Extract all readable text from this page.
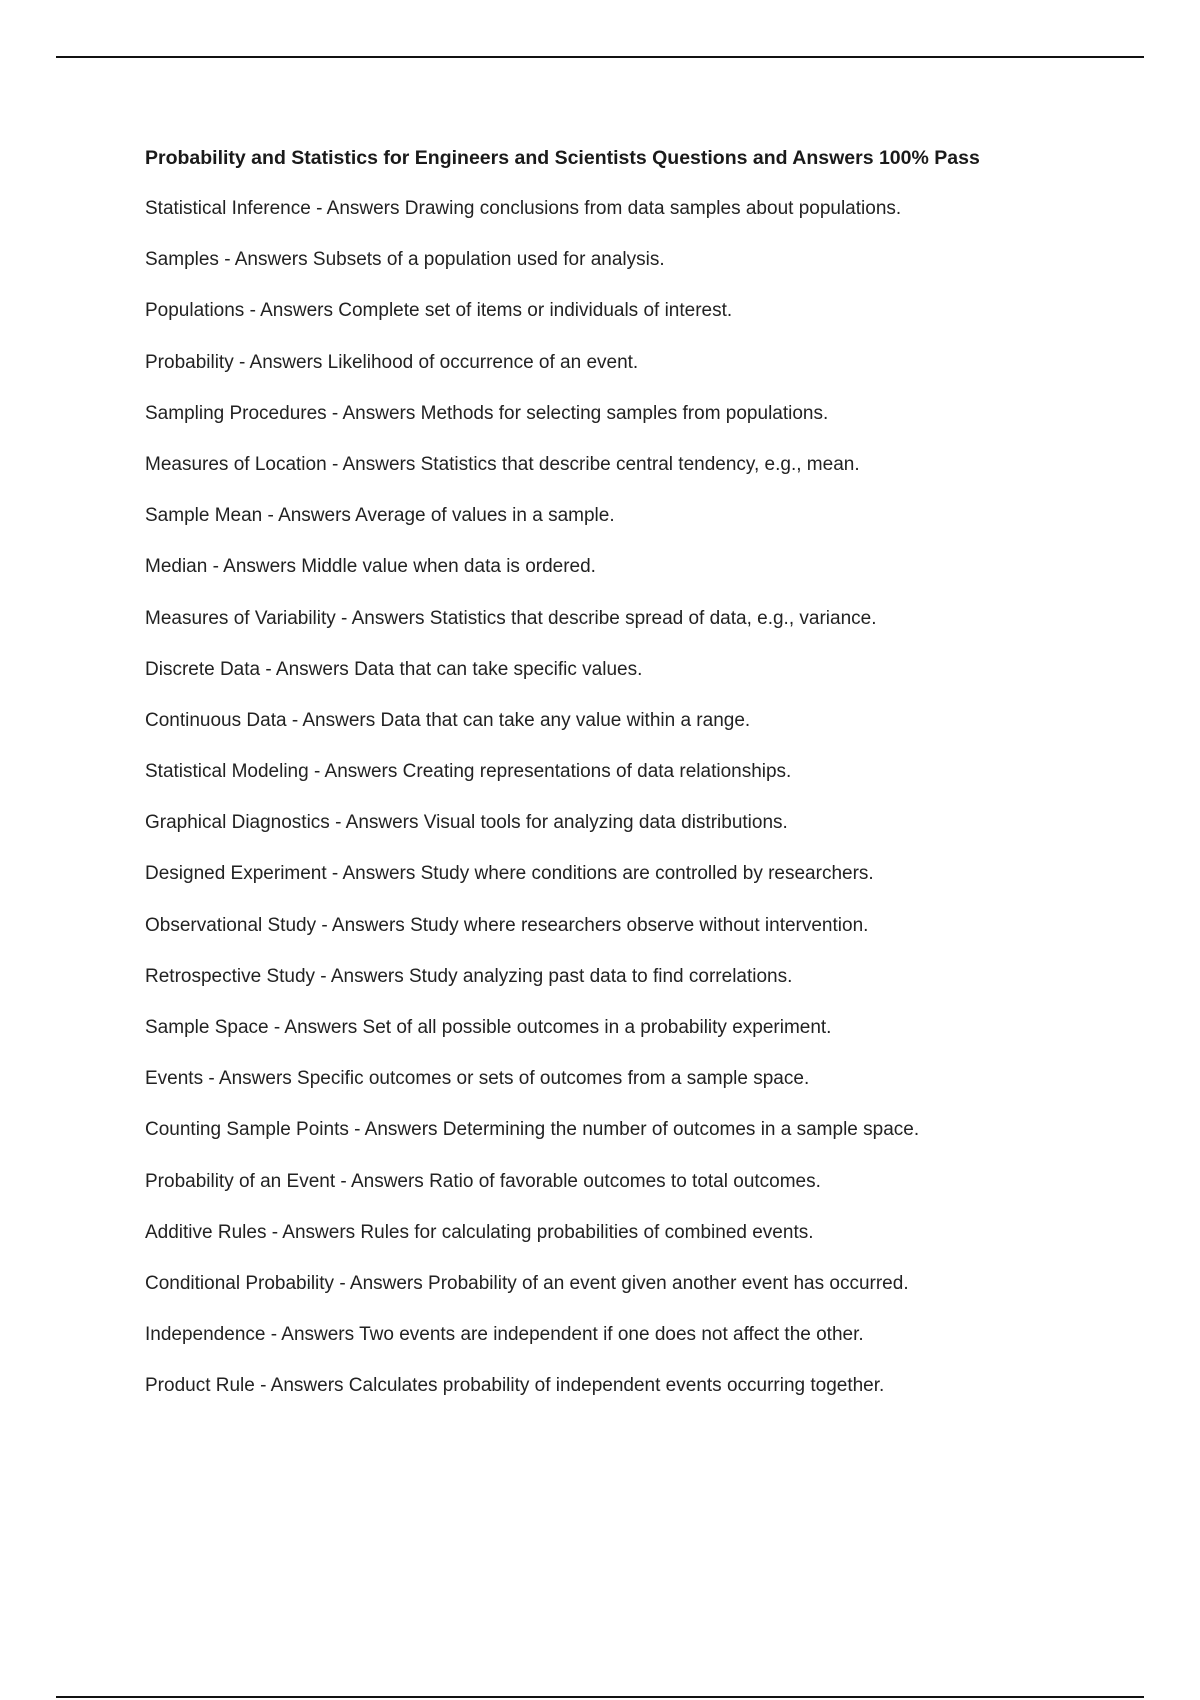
Probability and Statistics for Engineers and Scientists Questions and Answers 100% Pass
Statistical Inference - Answers Drawing conclusions from data samples about populations.
Samples - Answers Subsets of a population used for analysis.
Populations - Answers Complete set of items or individuals of interest.
Probability - Answers Likelihood of occurrence of an event.
Sampling Procedures - Answers Methods for selecting samples from populations.
Measures of Location - Answers Statistics that describe central tendency, e.g., mean.
Sample Mean - Answers Average of values in a sample.
Median - Answers Middle value when data is ordered.
Measures of Variability - Answers Statistics that describe spread of data, e.g., variance.
Discrete Data - Answers Data that can take specific values.
Continuous Data - Answers Data that can take any value within a range.
Statistical Modeling - Answers Creating representations of data relationships.
Graphical Diagnostics - Answers Visual tools for analyzing data distributions.
Designed Experiment - Answers Study where conditions are controlled by researchers.
Observational Study - Answers Study where researchers observe without intervention.
Retrospective Study - Answers Study analyzing past data to find correlations.
Sample Space - Answers Set of all possible outcomes in a probability experiment.
Events - Answers Specific outcomes or sets of outcomes from a sample space.
Counting Sample Points - Answers Determining the number of outcomes in a sample space.
Probability of an Event - Answers Ratio of favorable outcomes to total outcomes.
Additive Rules - Answers Rules for calculating probabilities of combined events.
Conditional Probability - Answers Probability of an event given another event has occurred.
Independence - Answers Two events are independent if one does not affect the other.
Product Rule - Answers Calculates probability of independent events occurring together.
